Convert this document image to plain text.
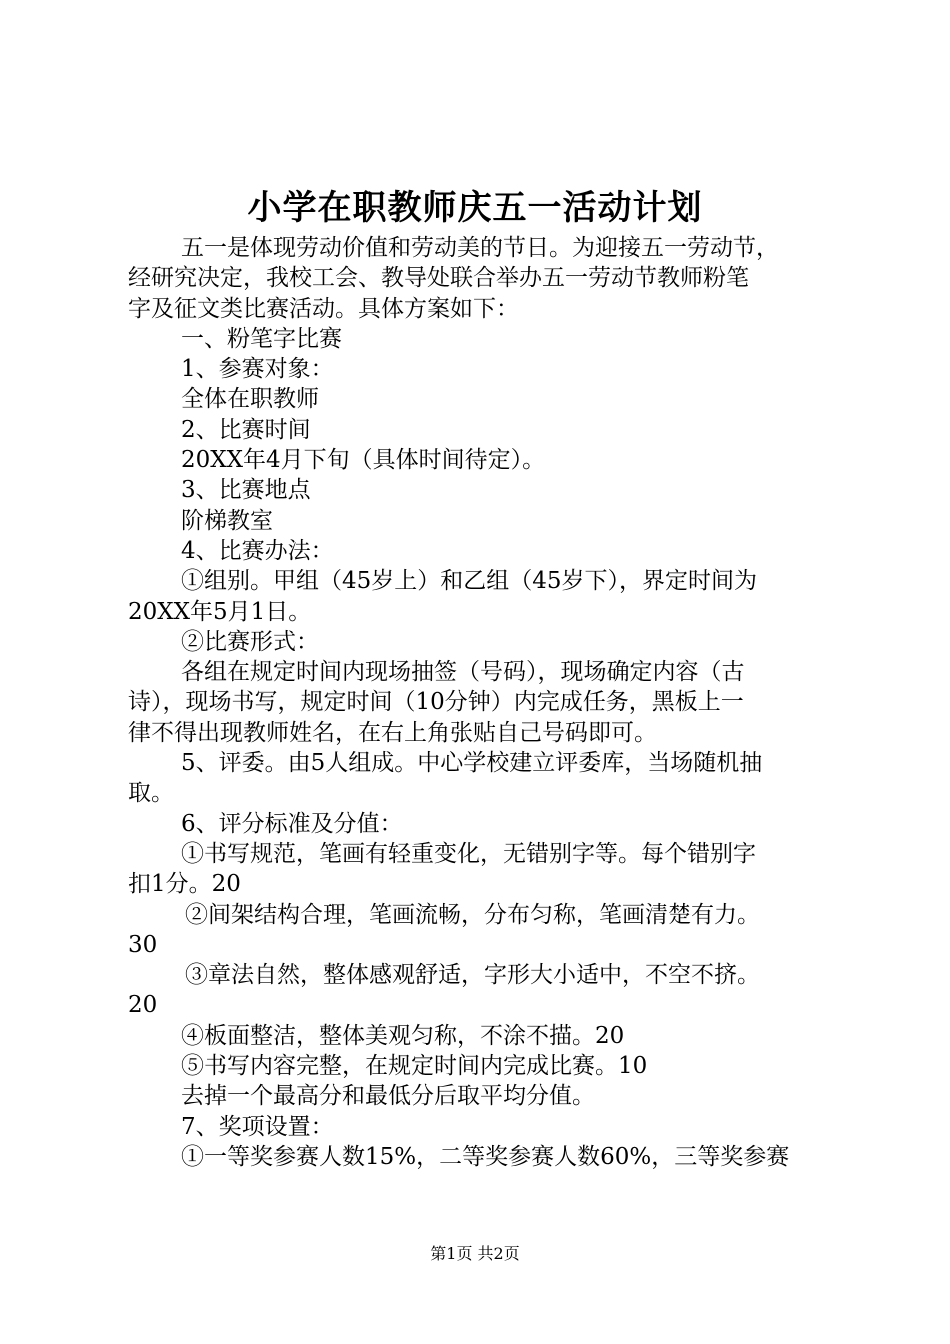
小学在职教师庆五一活动计划

五一是体现劳动价值和劳动美的节日。为迎接五一劳动节，

经研究决定，我校工会、教导处联合举办五一劳动节教师粉笔

字及征文类比赛活动。具体方案如下：

一、粉笔字比赛

1、参赛对象：

全体在职教师

2、比赛时间

20XX年4月下旬（具体时间待定）。

3、比赛地点

阶梯教室

4、比赛办法：

①组别。甲组（45岁上）和乙组（45岁下），界定时间为

20XX年5月1日。

②比赛形式：

各组在规定时间内现场抽签（号码），现场确定内容（古

诗），现场书写，规定时间（10分钟）内完成任务，黑板上一

律不得出现教师姓名，在右上角张贴自己号码即可。

5、评委。由5人组成。中心学校建立评委库，当场随机抽

取。

6、评分标准及分值：

①书写规范，笔画有轻重变化，无错别字等。每个错别字

扣1分。20

②间架结构合理，笔画流畅，分布匀称，笔画清楚有力。

30

③章法自然，整体感观舒适，字形大小适中，不空不挤。

20

④板面整洁，整体美观匀称，不涂不描。20

⑤书写内容完整，在规定时间内完成比赛。10

去掉一个最高分和最低分后取平均分值。

7、奖项设置：

①一等奖参赛人数15%，二等奖参赛人数60%，三等奖参赛

第1页 共2页
